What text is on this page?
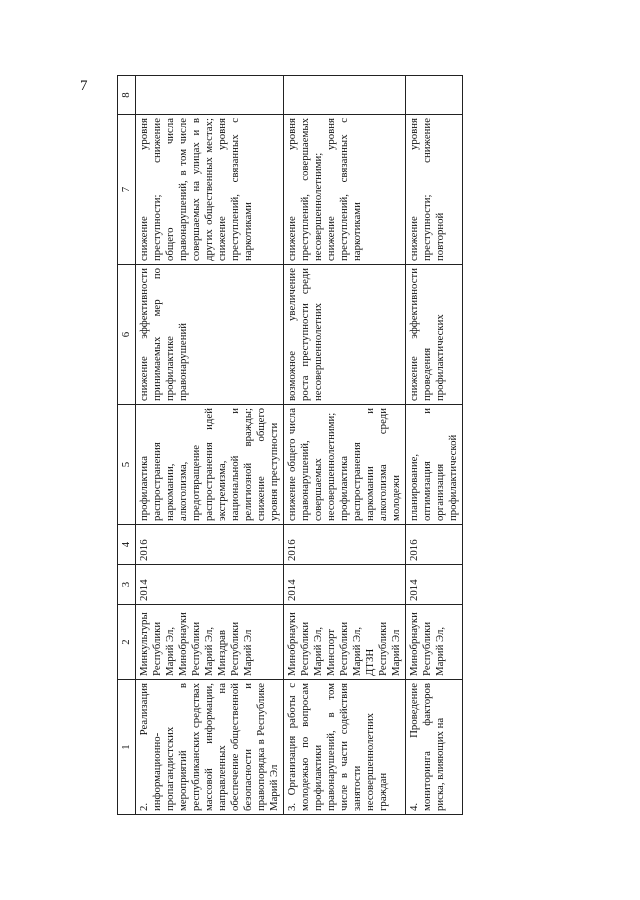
7
1	2	3	4	5	6	7	8
2. Реализация информационно-пропагандистских мероприятий в республиканских средствах массовой информации, направленных на обеспечение общественной безопасности и правопорядка в Республике Марий Эл	Минкультуры Республики Марий Эл, Минобрнауки Республики Марий Эл, Минздрав Республики Марий Эл	2014	2016	профилактика распространения наркомании, алкоголизма, предотвращение распространения идей экстремизма, национальной и религиозной вражды; снижение общего уровня преступности	снижение эффективности принимаемых мер по профилактике правонарушений	снижение уровня преступности; снижение общего числа правонарушений, в том числе совершаемых на улицах и в других общественных местах; снижение уровня преступлений, связанных с наркотиками	
3. Организация работы с молодежью по вопросам профилактики правонарушений, в том числе в части содействия занятости несовершеннолетних граждан	Минобрнауки Республики Марий Эл, Минспорт Республики Марий Эл, ДТЗН Республики Марий Эл	2014	2016	снижение общего числа правонарушений, совершаемых несовершеннолетними; профилактика распространения наркомании и алкоголизма среди молодежи	возможное увеличение роста преступности среди несовершеннолетних	снижение уровня преступлений, совершаемых несовершеннолетними; снижение уровня преступлений, связанных с наркотиками	
4. Проведение мониторинга факторов риска, влияющих на	Минобрнауки Республики Марий Эл,	2014	2016	планирование, оптимизация и организация профилактической	снижение эффективности проведения профилактических	снижение уровня преступности; снижение повторной	
